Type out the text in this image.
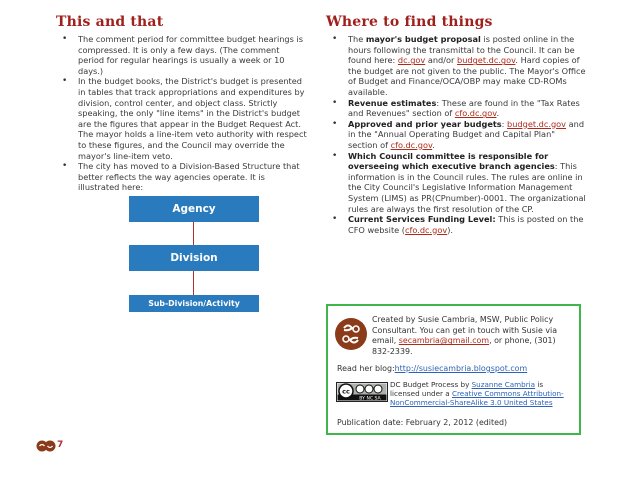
This and that
• The comment period for committee budget hearings is compressed. It is only a few days. (The comment period for regular hearings is usually a week or 10 days.)
• In the budget books, the District's budget is presented in tables that track appropriations and expenditures by division, control center, and object class. Strictly speaking, the only "line items" in the District's budget are the figures that appear in the Budget Request Act. The mayor holds a line-item veto authority with respect to these figures, and the Council may override the mayor's line-item veto.
• The city has moved to a Division-Based Structure that better reflects the way agencies operate. It is illustrated here:
Agency
Division
Sub-Division/Activity
Where to find things
• The mayor's budget proposal is posted online in the hours following the transmittal to the Council. It can be found here: dc.gov and/or budget.dc.gov. Hard copies of the budget are not given to the public. The Mayor's Office of Budget and Finance/OCA/OBP may make CD-ROMs available.
• Revenue estimates: These are found in the "Tax Rates and Revenues" section of cfo.dc.gov.
• Approved and prior year budgets: budget.dc.gov and in the "Annual Operating Budget and Capital Plan" section of cfo.dc.gov.
• Which Council committee is responsible for overseeing which executive branch agencies: This information is in the Council rules. The rules are online in the City Council's Legislative Information Management System (LIMS) as PR(CPnumber)-0001. The organizational rules are always the first resolution of the CP.
• Current Services Funding Level: This is posted on the CFO website (cfo.dc.gov).
Created by Susie Cambria, MSW, Public Policy Consultant. You can get in touch with Susie via email, secambria@gmail.com, or phone, (301) 832-2339.
Read her blog:http://susiecambria.blogspot.com
cc
BY NC SA
DC Budget Process by Suzanne Cambria is licensed under a Creative Commons Attribution-NonCommercial-ShareAlike 3.0 United States
Publication date: February 2, 2012 (edited)
7
